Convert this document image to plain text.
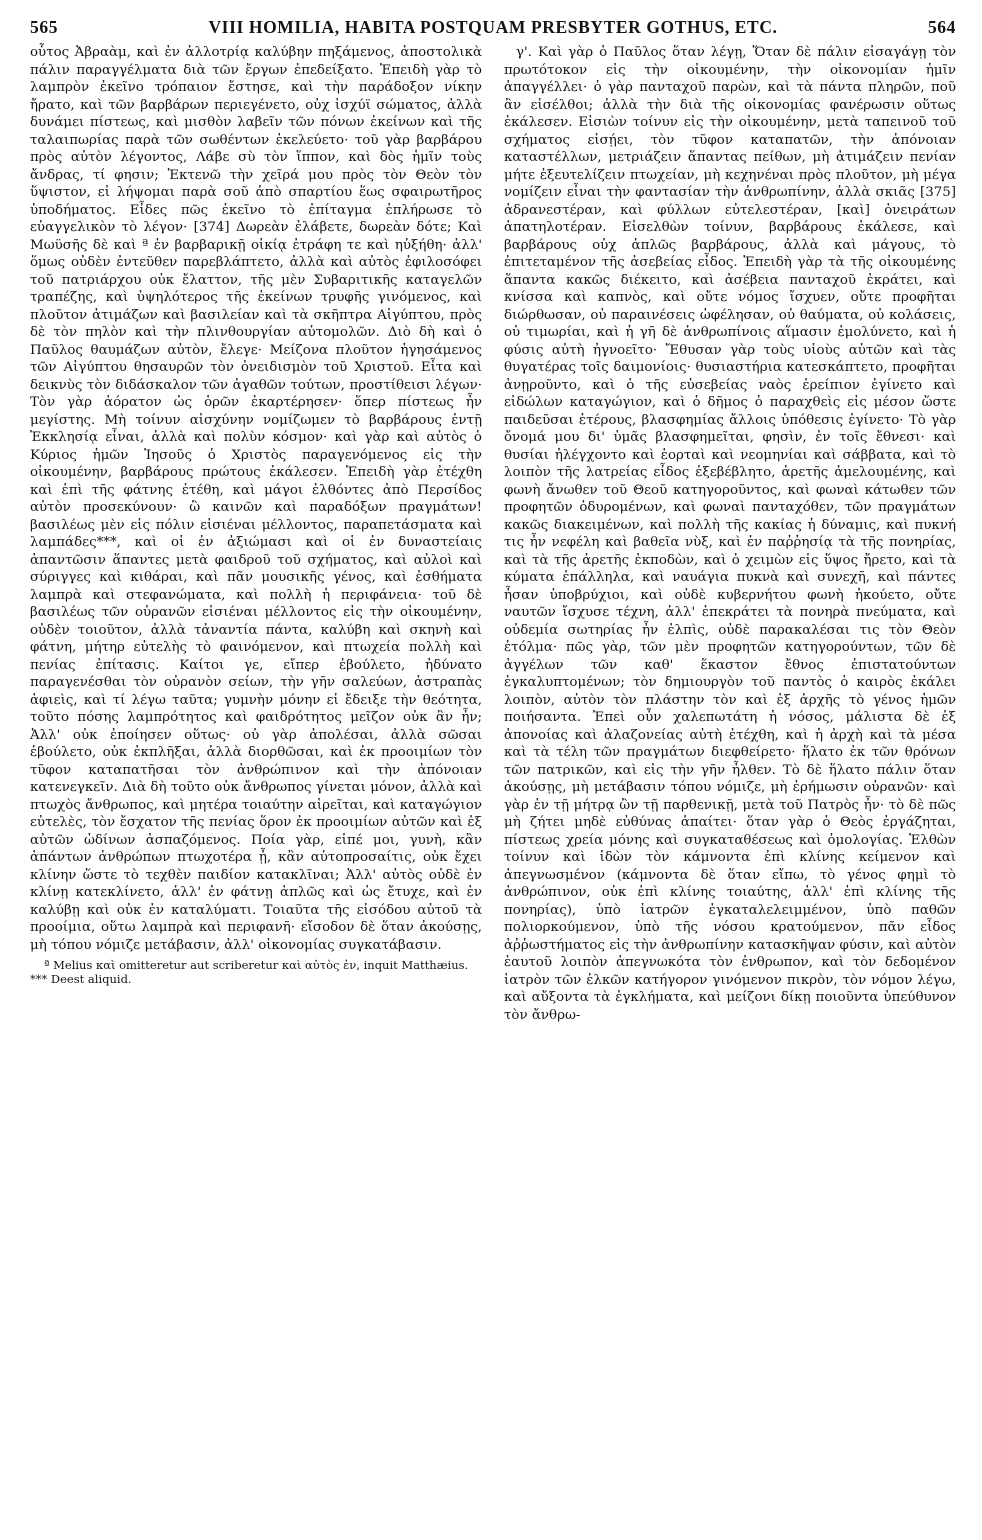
565	VIII HOMILIA, HABITA POSTQUAM PRESBYTER GOTHUS, ETC.	564

οὗτος Ἀβραὰμ, καὶ ἐν ἀλλοτρίᾳ καλύβην πηξάμενος, ἀποστολικὰ πάλιν παραγγέλματα διὰ τῶν ἔργων ἐπεδείξατο. Ἐπειδὴ γὰρ τὸ λαμπρὸν ἐκεῖνο τρόπαιον ἔστησε, καὶ τὴν παράδοξον νίκην ἤρατο, καὶ τῶν βαρβάρων περιεγένετο, οὐχ ἰσχύϊ σώματος, ἀλλὰ δυνάμει πίστεως, καὶ μισθὸν λαβεῖν τῶν πόνων ἐκείνων καὶ τῆς ταλαιπωρίας παρὰ τῶν σωθέντων ἐκελεύετο· τοῦ γὰρ βαρβάρου πρὸς αὐτὸν λέγοντος, Λάβε σὺ τὸν ἵππον, καὶ δὸς ἡμῖν τοὺς ἄνδρας, τί φησιν; Ἐκτενῶ τὴν χεῖρά μου πρὸς τὸν Θεὸν τὸν ὕψιστον, εἰ λήψομαι παρὰ σοῦ ἀπὸ σπαρτίου ἕως σφαιρωτῆρος ὑποδήματος. Εἶδες πῶς ἐκεῖνο τὸ ἐπίταγμα ἐπλήρωσε τὸ εὐαγγελικὸν τὸ λέγον· [374] Δωρεὰν ἐλάβετε, δωρεὰν δότε; Καὶ Μωϋσῆς δὲ καὶ ª ἐν βαρβαρικῇ οἰκίᾳ ἐτράφη τε καὶ ηὐξήθη· ἀλλ' ὅμως οὐδὲν ἐντεῦθεν παρεβλάπτετο, ἀλλὰ καὶ αὐτὸς ἐφιλοσόφει τοῦ πατριάρχου οὐκ ἔλαττον, τῆς μὲν Συβαριτικῆς καταγελῶν τραπέζης, καὶ ὑψηλότερος τῆς ἐκείνων τρυφῆς γινόμενος, καὶ πλοῦτον ἀτιμάζων καὶ βασιλείαν καὶ τὰ σκῆπτρα Αἰγύπτου, πρὸς δὲ τὸν πηλὸν καὶ τὴν πλινθουργίαν αὐτομολῶν. Διὸ δὴ καὶ ὁ Παῦλος θαυμάζων αὐτὸν, ἔλεγε· Μείζονα πλοῦτον ἡγησάμενος τῶν Αἰγύπτου θησαυρῶν τὸν ὀνειδισμὸν τοῦ Χριστοῦ. Εἶτα καὶ δεικνὺς τὸν διδάσκαλον τῶν ἀγαθῶν τούτων, προστίθεισι λέγων· Τὸν γὰρ ἀόρατον ὡς ὁρῶν ἐκαρτέρησεν· ὅπερ πίστεως ἦν μεγίστης. Μὴ τοίνυν αἰσχύνην νομίζωμεν τὸ βαρβάρους ἐντῇ Ἐκκλησίᾳ εἶναι, ἀλλὰ καὶ πολὺν κόσμον· καὶ γὰρ καὶ αὐτὸς ὁ Κύριος ἡμῶν Ἰησοῦς ὁ Χριστὸς παραγενόμενος εἰς τὴν οἰκουμένην, βαρβάρους πρώτους ἐκάλεσεν. Ἐπειδὴ γὰρ ἐτέχθη καὶ ἐπὶ τῆς φάτνης ἐτέθη, καὶ μάγοι ἐλθόντες ἀπὸ Περσίδος αὐτὸν προσεκύνουν· ὢ καινῶν καὶ παραδόξων πραγμάτων! βασιλέως μὲν εἰς πόλιν εἰσιέναι μέλλοντος, παραπετάσματα καὶ λαμπάδες***, καὶ οἱ ἐν ἀξιώμασι καὶ οἱ ἐν δυναστείαις ἀπαντῶσιν ἅπαντες μετὰ φαιδροῦ τοῦ σχήματος, καὶ αὐλοὶ καὶ σύριγγες καὶ κιθάραι, καὶ πᾶν μουσικῆς γένος, καὶ ἐσθήματα λαμπρὰ καὶ στεφανώματα, καὶ πολλὴ ἡ περιφάνεια· τοῦ δὲ βασιλέως τῶν οὐρανῶν εἰσιέναι μέλλοντος εἰς τὴν οἰκουμένην, οὐδὲν τοιοῦτον, ἀλλὰ τἀναντία πάντα, καλύβη καὶ σκηνὴ καὶ φάτνη, μήτηρ εὐτελὴς τὸ φαινόμενον, καὶ πτωχεία πολλὴ καὶ πενίας ἐπίτασις. Καίτοι γε, εἴπερ ἐβούλετο, ἠδύνατο παραγενέσθαι τὸν οὐρανὸν σείων, τὴν γῆν σαλεύων, ἀστραπὰς ἀφιεὶς, καὶ τί λέγω ταῦτα; γυμνὴν μόνην εἰ ἔδειξε τὴν θεότητα, τοῦτο πόσης λαμπρότητος καὶ φαιδρότητος μεῖζον οὐκ ἂν ἦν; Ἀλλ' οὐκ ἐποίησεν οὕτως· οὐ γὰρ ἀπολέσαι, ἀλλὰ σῶσαι ἐβούλετο, οὐκ ἐκπλῆξαι, ἀλλὰ διορθῶσαι, καὶ ἐκ προοιμίων τὸν τῦφον καταπατῆσαι τὸν ἀνθρώπινον καὶ τὴν ἀπόνοιαν κατενεγκεῖν. Διὰ δὴ τοῦτο οὐκ ἄνθρωπος γίνεται μόνον, ἀλλὰ καὶ πτωχὸς ἄνθρωπος, καὶ μητέρα τοιαύτην αἱρεῖται, καὶ καταγώγιον εὐτελὲς, τὸν ἔσχατον τῆς πενίας ὅρον ἐκ προοιμίων αὐτῶν καὶ ἐξ αὐτῶν ὠδίνων ἀσπαζόμενος. Ποία γὰρ, εἰπέ μοι, γυνὴ, κἂν ἁπάντων ἀνθρώπων πτωχοτέρα ᾖ, κἂν αὐτοπροσαίτις, οὐκ ἔχει κλίνην ὥστε τὸ τεχθὲν παιδίον κατακλῖναι; Ἀλλ' αὐτὸς οὐδὲ ἐν κλίνῃ κατεκλίνετο, ἀλλ' ἐν φάτνῃ ἁπλῶς καὶ ὡς ἔτυχε, καὶ ἐν καλύβῃ καὶ οὐκ ἐν καταλύματι. Τοιαῦτα τῆς εἰσόδου αὐτοῦ τὰ προοίμια, οὕτω λαμπρὰ καὶ περιφανῆ· εἴσοδον δὲ ὅταν ἀκούσῃς, μὴ τόπου νόμιζε μετάβασιν, ἀλλ' οἰκονομίας συγκατάβασιν.

ª Melius καὶ omitteretur aut scriberetur καὶ αὐτὸς ἐν, inquit Matthæius.
*** Deest aliquid.

γ'. Καὶ γὰρ ὁ Παῦλος ὅταν λέγῃ, Ὅταν δὲ πάλιν εἰσαγάγῃ τὸν πρωτότοκον εἰς τὴν οἰκουμένην, τὴν οἰκονομίαν ἡμῖν ἀπαγγέλλει· ὁ γὰρ πανταχοῦ παρὼν, καὶ τὰ πάντα πληρῶν, ποῦ ἂν εἰσέλθοι; ἀλλὰ τὴν διὰ τῆς οἰκονομίας φανέρωσιν οὕτως ἐκάλεσεν. Εἰσιὼν τοίνυν εἰς τὴν οἰκουμένην, μετὰ ταπεινοῦ τοῦ σχήματος εἰσῄει, τὸν τῦφον καταπατῶν, τὴν ἀπόνοιαν καταστέλλων, μετριάζειν ἅπαντας πείθων, μὴ ἀτιμάζειν πενίαν μήτε ἐξευτελίζειν πτωχείαν, μὴ κεχηνέναι πρὸς πλοῦτον, μὴ μέγα νομίζειν εἶναι τὴν φαντασίαν τὴν ἀνθρωπίνην, ἀλλὰ σκιᾶς [375] ἀδρανεστέραν, καὶ φύλλων εὐτελεστέραν, [καὶ] ὀνειράτων ἀπατηλοτέραν. Εἰσελθὼν τοίνυν, βαρβάρους ἐκάλεσε, καὶ βαρβάρους οὐχ ἁπλῶς βαρβάρους, ἀλλὰ καὶ μάγους, τὸ ἐπιτεταμένον τῆς ἀσεβείας εἶδος. Ἐπειδὴ γὰρ τὰ τῆς οἰκουμένης ἅπαντα κακῶς διέκειτο, καὶ ἀσέβεια πανταχοῦ ἐκράτει, καὶ κνίσσα καὶ καπνὸς, καὶ οὔτε νόμος ἴσχυεν, οὔτε προφῆται διώρθωσαν, οὐ παραινέσεις ὠφέλησαν, οὐ θαύματα, οὐ κολάσεις, οὐ τιμωρίαι, καὶ ἡ γῆ δὲ ἀνθρωπίνοις αἵμασιν ἐμολύνετο, καὶ ἡ φύσις αὐτὴ ἠγνοεῖτο· Ἔθυσαν γὰρ τοὺς υἱοὺς αὐτῶν καὶ τὰς θυγατέρας τοῖς δαιμονίοις· θυσιαστήρια κατεσκάπτετο, προφῆται ἀνῃροῦντο, καὶ ὁ τῆς εὐσεβείας ναὸς ἐρείπιον ἐγίνετο καὶ εἰδώλων καταγώγιον, καὶ ὁ δῆμος ὁ παραχθεὶς εἰς μέσον ὥστε παιδεῦσαι ἑτέρους, βλασφημίας ἄλλοις ὑπόθεσις ἐγίνετο· Τὸ γὰρ ὄνομά μου δι' ὑμᾶς βλασφημεῖται, φησὶν, ἐν τοῖς ἔθνεσι· καὶ θυσίαι ἠλέγχοντο καὶ ἑορταὶ καὶ νεομηνίαι καὶ σάββατα, καὶ τὸ λοιπὸν τῆς λατρείας εἶδος ἐξεβέβλητο, ἀρετῆς ἀμελουμένης, καὶ φωνὴ ἄνωθεν τοῦ Θεοῦ κατηγοροῦντος, καὶ φωναὶ κάτωθεν τῶν προφητῶν ὀδυρομένων, καὶ φωναὶ πανταχόθεν, τῶν πραγμάτων κακῶς διακειμένων, καὶ πολλὴ τῆς κακίας ἡ δύναμις, καὶ πυκνή τις ἦν νεφέλη καὶ βαθεῖα νὺξ, καὶ ἐν παῤῥησίᾳ τὰ τῆς πονηρίας, καὶ τὰ τῆς ἀρετῆς ἐκποδὼν, καὶ ὁ χειμὼν εἰς ὕψος ἤρετο, καὶ τὰ κύματα ἐπάλληλα, καὶ ναυάγια πυκνὰ καὶ συνεχῆ, καὶ πάντες ἦσαν ὑποβρύχιοι, καὶ οὐδὲ κυβερνήτου φωνὴ ἠκούετο, οὔτε ναυτῶν ἴσχυσε τέχνη, ἀλλ' ἐπεκράτει τὰ πονηρὰ πνεύματα, καὶ οὐδεμία σωτηρίας ἦν ἐλπὶς, οὐδὲ παρακαλέσαι τις τὸν Θεὸν ἐτόλμα· πῶς γὰρ, τῶν μὲν προφητῶν κατηγορούντων, τῶν δὲ ἀγγέλων τῶν καθ' ἕκαστον ἔθνος ἐπιστατούντων ἐγκαλυπτομένων; τὸν δημιουργὸν τοῦ παντὸς ὁ καιρὸς ἐκάλει λοιπὸν, αὐτὸν τὸν πλάστην τὸν καὶ ἐξ ἀρχῆς τὸ γένος ἡμῶν ποιήσαντα. Ἐπεὶ οὖν χαλεπωτάτη ἡ νόσος, μάλιστα δὲ ἐξ ἀπονοίας καὶ ἀλαζονείας αὐτὴ ἐτέχθη, καὶ ἡ ἀρχὴ καὶ τὰ μέσα καὶ τὰ τέλη τῶν πραγμάτων διεφθείρετο· ἥλατο ἐκ τῶν θρόνων τῶν πατρικῶν, καὶ εἰς τὴν γῆν ἦλθεν. Τὸ δὲ ἥλατο πάλιν ὅταν ἀκούσῃς, μὴ μετάβασιν τόπου νόμιζε, μὴ ἐρήμωσιν οὐρανῶν· καὶ γὰρ ἐν τῇ μήτρᾳ ὢν τῇ παρθενικῇ, μετὰ τοῦ Πατρὸς ἦν· τὸ δὲ πῶς μὴ ζήτει μηδὲ εὐθύνας ἀπαίτει· ὅταν γὰρ ὁ Θεὸς ἐργάζηται, πίστεως χρεία μόνης καὶ συγκαταθέσεως καὶ ὁμολογίας. Ἐλθὼν τοίνυν καὶ ἰδὼν τὸν κάμνοντα ἐπὶ κλίνης κείμενον καὶ ἀπεγνωσμένον (κάμνοντα δὲ ὅταν εἴπω, τὸ γένος φημὶ τὸ ἀνθρώπινον, οὐκ ἐπὶ κλίνης τοιαύτης, ἀλλ' ἐπὶ κλίνης τῆς πονηρίας), ὑπὸ ἰατρῶν ἐγκαταλελειμμένον, ὑπὸ παθῶν πολιορκούμενον, ὑπὸ τῆς νόσου κρατούμενον, πᾶν εἶδος ἀῤῥωστήματος εἰς τὴν ἀνθρωπίνην κατασκῆψαν φύσιν, καὶ αὐτὸν ἑαυτοῦ λοιπὸν ἀπεγνωκότα τὸν ἐνθρωπον, καὶ τὸν δεδομένον ἰατρὸν τῶν ἑλκῶν κατήγορον γινόμενον πικρὸν, τὸν νόμον λέγω, καὶ αὔξοντα τὰ ἐγκλήματα, καὶ μείζονι δίκῃ ποιοῦντα ὑπεύθυνον τὸν ἄνθρω-
